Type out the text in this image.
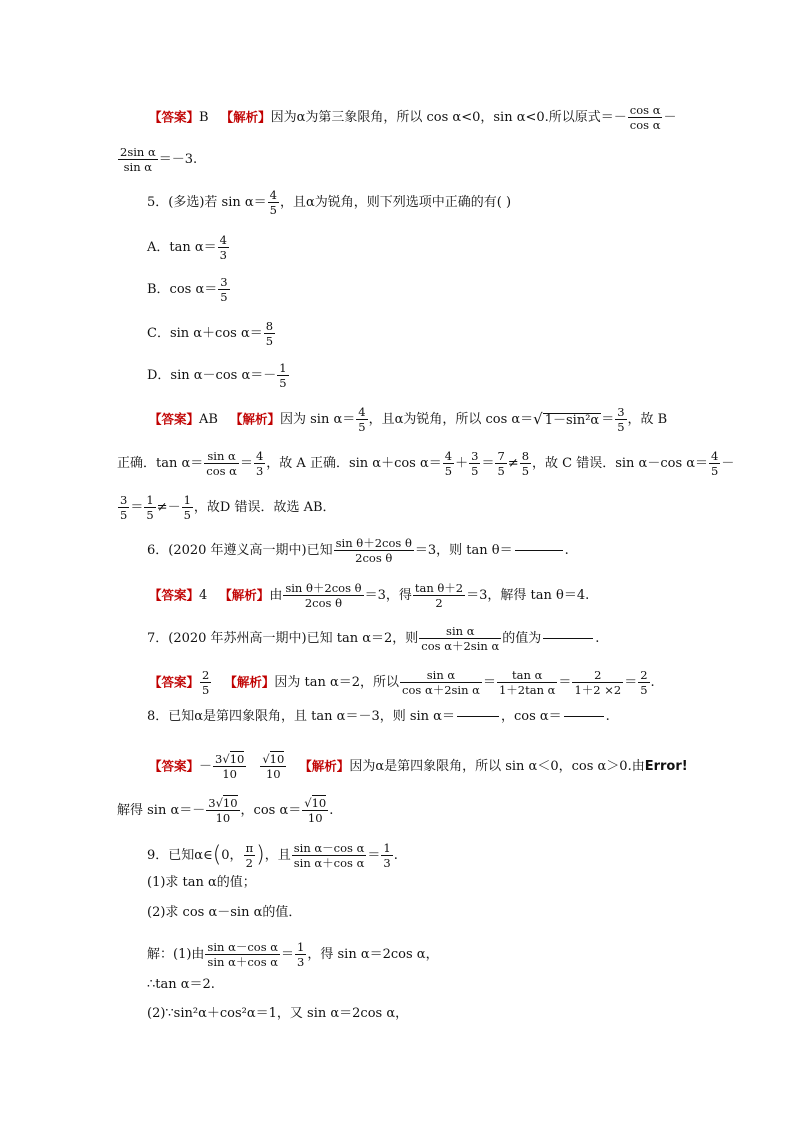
【答案】B 【解析】因为α为第三象限角，所以 cos α<0，sin α<0.所以原式＝－ $\frac{\text{cos α}}{\text{cos α}}$ －
$\frac{\text{2sin α}}{\text{sin α}} =-3$.
5．(多选)若 $\sin \alpha= \frac{4}{5}$ ，且α为锐角，则下列选项中正确的有( )
A．$\tan \alpha= \frac{4}{3}$
B．$\cos \alpha= \frac{3}{5}$
C．sin α＋cos $\alpha= \frac{8}{5}$
D．sin α－cos $\alpha=- \frac{1}{5}$
【答案】AB 【解析】因为 $\sin \alpha= \frac{4}{5}$ ，且α为锐角，所以 cos α＝√ $1-\sin^2\alpha = \frac{3}{5}$ ，故 B
正确．$\tan \alpha= \frac{\text{sin α}}{\text{cos α}} = \frac{4}{3}$ ，故 A 正确．sin α＋cos $\alpha= \frac{4}{5} + \frac{3}{5} = \frac{7}{5} \ne \frac{8}{5}$ ，故 C 错误．sin α－cos $\alpha= \frac{4}{5}$ －
$\frac{3}{5} = \frac{1}{5} \ne- \frac{1}{5}$ ，故D 错误．故选 AB．
6．(2020 年遵义高一期中)已知 $\frac{\text{sin θ＋2cos θ}}{\text{2cos θ}} =3$，则 tan θ＝	.
【答案】4 【解析】由 $\frac{\text{sin θ＋2cos θ}}{\text{2cos θ}} =3$，得 $\frac{\text{tan θ＋2}}{2} =3$，解得 tan θ＝4.
7．(2020 年苏州高一期中)已知 tan α＝2，则 $\frac{\text{sin α}}{\text{cos α＋2sin α}}$ 的值为	.
【答案】 $\frac{2}{5}$ 【解析】因为 tan α＝2，所以 $\frac{\text{sin α}}{\text{cos α＋2sin α}} = \frac{\text{tan α}}{\text{1＋2tan α}} = \frac{2}{1+2 \times 2} = \frac{2}{5}$ .
8．已知α是第四象限角，且 tan α＝－3，则 sin α＝	，cos α＝	.
【答案】－ $\frac{3√10}{10} \frac{√10}{10}$ 【解析】因为α是第四象限角，所以 sin α＜0，cos α＞0.由Error!
解得 $\sin \alpha=- \frac{3√10}{10}$ ，$\cos \alpha= \frac{√10}{10}$ .
9．已知α∈(0， $\frac{\pi}{2}$ )，且 $\frac{\text{sin α－cos α}}{\text{sin α＋cos α}} = \frac{1}{3}$ .
(1)求 tan α的值；
(2)求 cos α－sin α的值．
解：(1)由 $\frac{\text{sin α－cos α}}{\text{sin α＋cos α}} = \frac{1}{3}$ ，得 sin α＝2cos α，
∴tan α＝2.
(2)∵sin²α＋cos²α＝1，又 sin α＝2cos α，
